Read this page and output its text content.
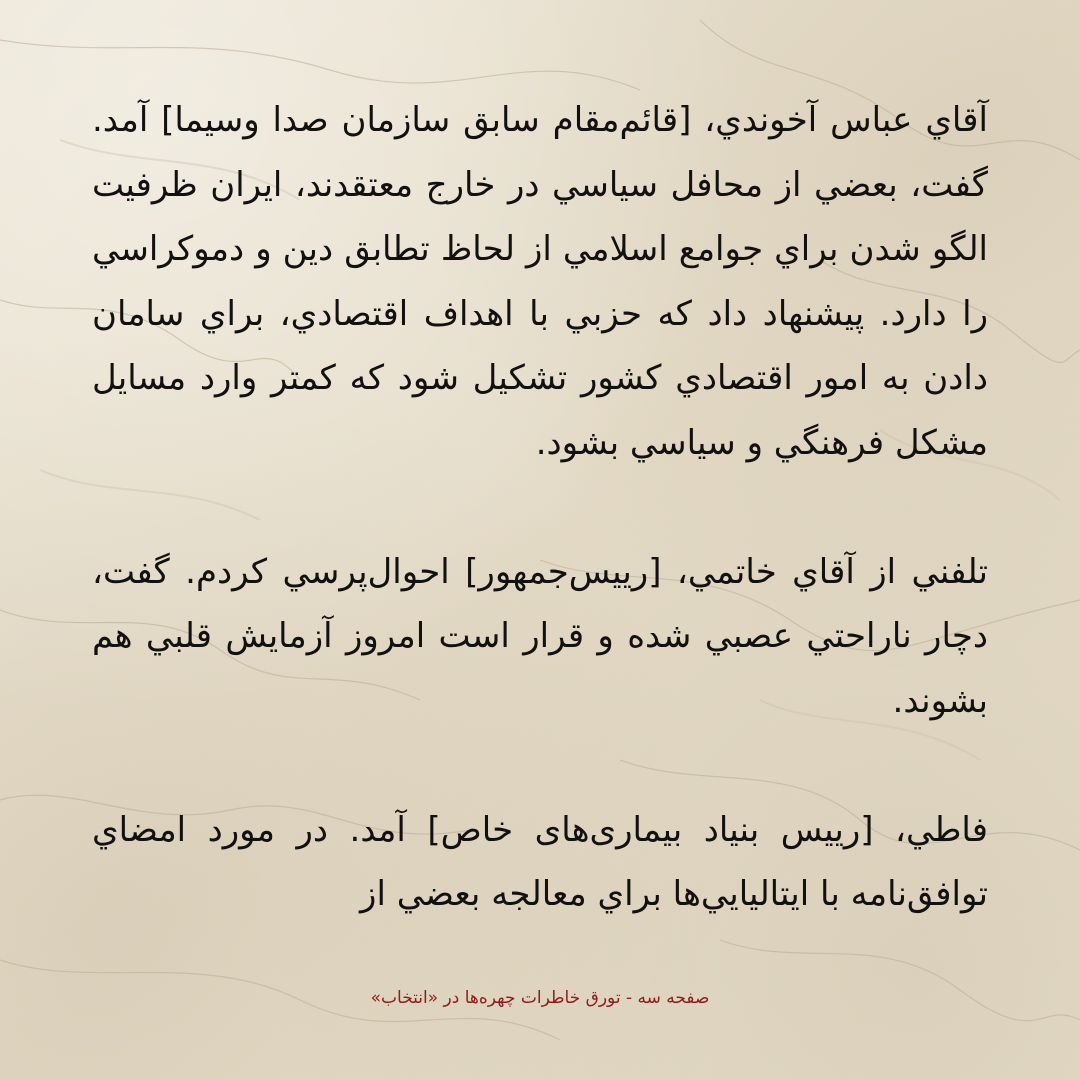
آقاي عباس آخوندي، [قائم‌مقام سابق سازمان صدا وسيما] آمد. گفت، بعضي از محافل سياسي در خارج معتقدند، ايران ظرفيت الگو شدن براي جوامع اسلامي از لحاظ تطابق دين و دموكراسي را دارد. پيشنهاد داد كه حزبي با اهداف اقتصادي، براي سامان دادن به امور اقتصادي كشور تشكيل شود كه كمتر وارد مسايل مشكل فرهنگي و سياسي بشود.

تلفني از آقاي خاتمي، [رييس‌جمهور] احوال‌پرسي كردم. گفت، دچار ناراحتي عصبي شده و قرار است امروز آزمايش قلبي هم بشوند.

فاطي، [رييس بنياد بیماری‌های خاص] آمد. در مورد امضاي توافق‌نامه با ايتاليايي‌ها براي معالجه بعضي از

صفحه سه - تورق خاطرات چهره‌ها در «انتخاب»
